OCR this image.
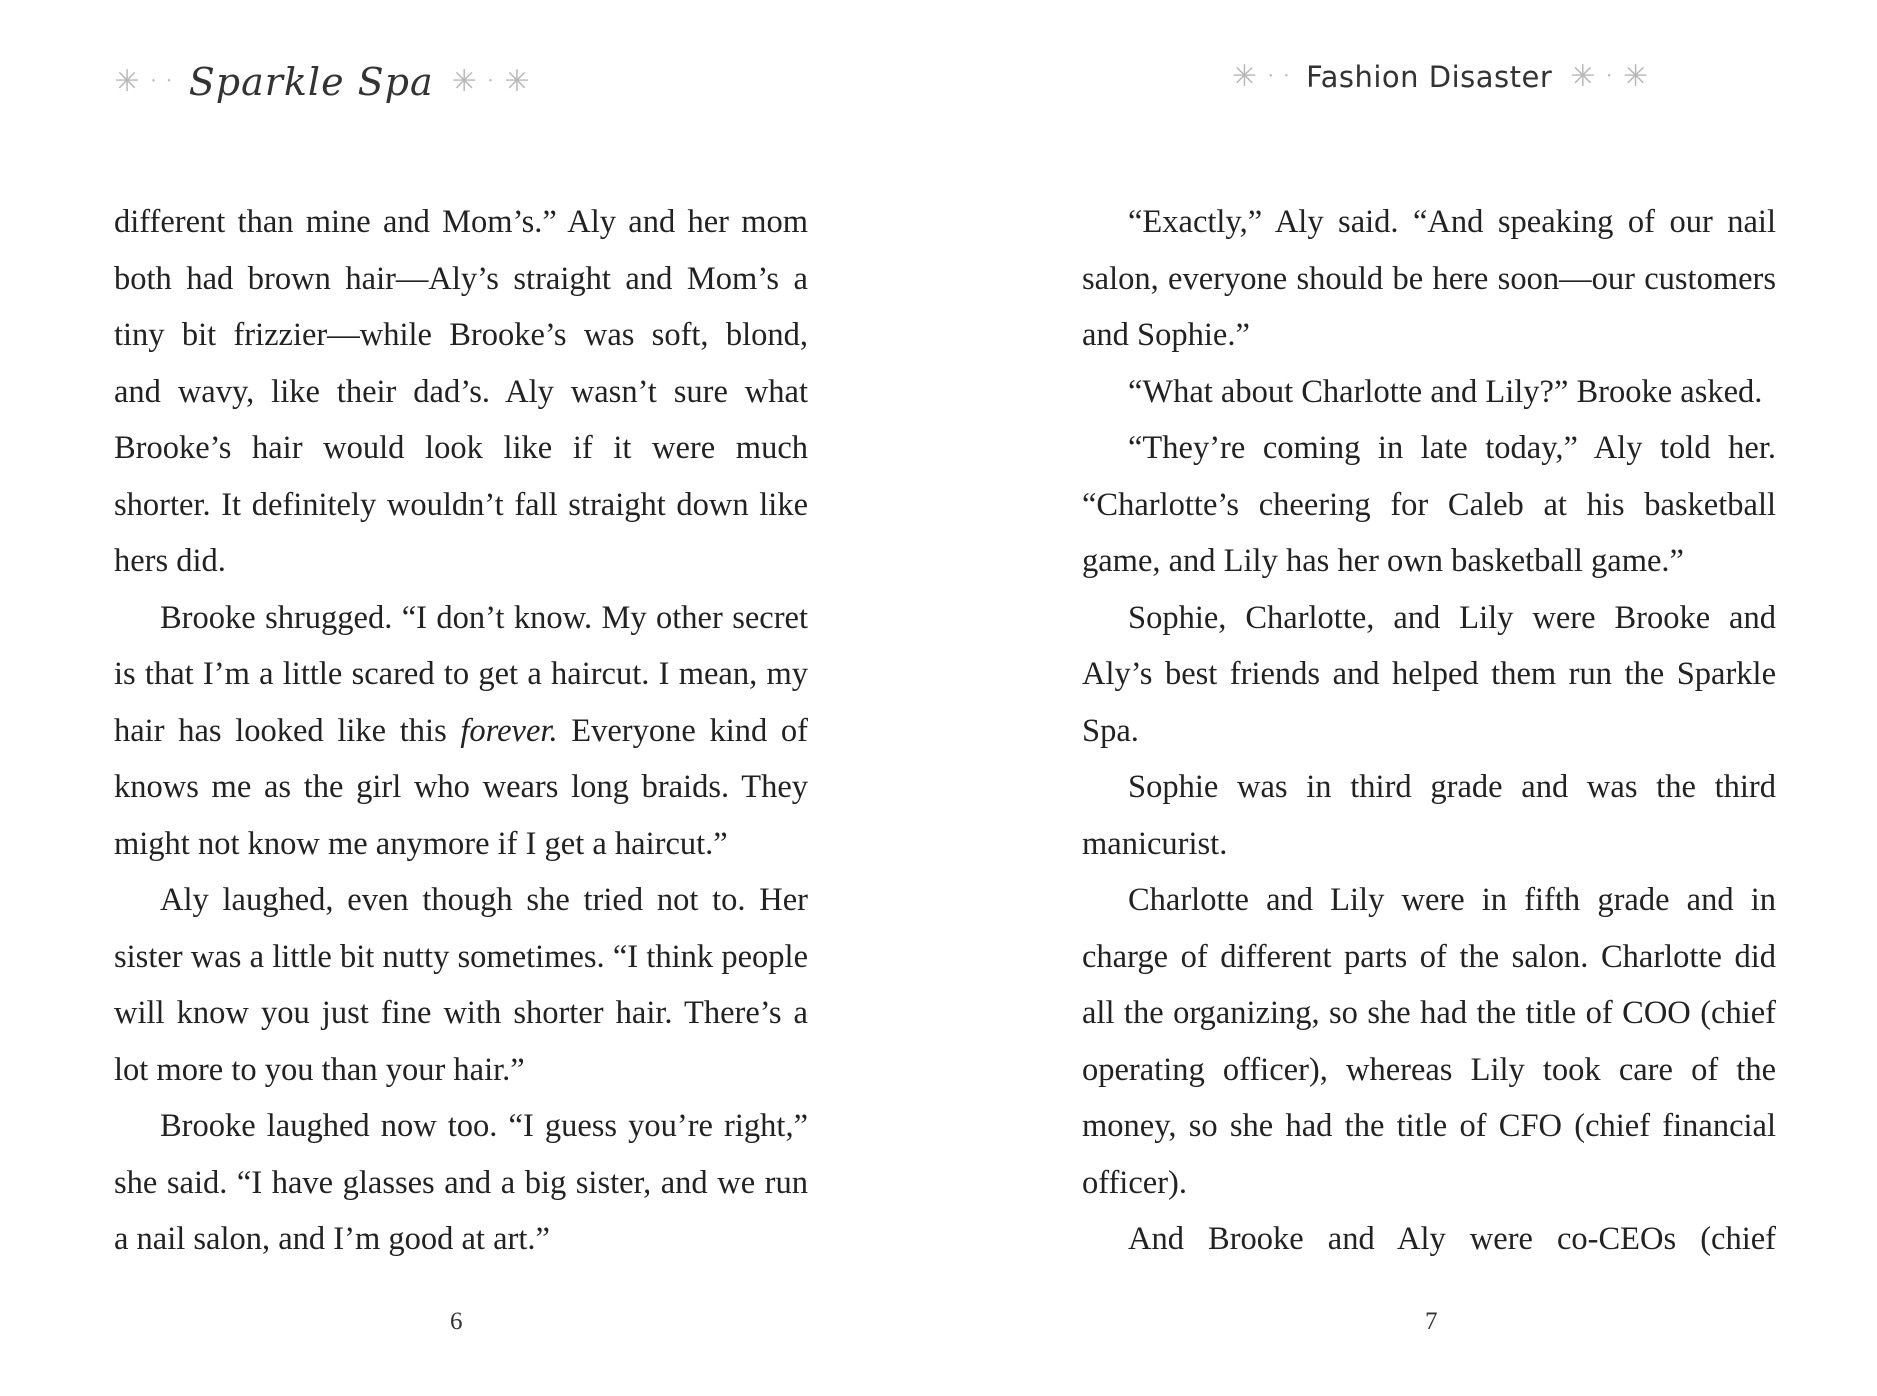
✳ • • Sparkle Spa ✳ • ✳

different than mine and Mom’s.” Aly and her mom both had brown hair—Aly’s straight and Mom’s a tiny bit frizzier—while Brooke’s was soft, blond, and wavy, like their dad’s. Aly wasn’t sure what Brooke’s hair would look like if it were much shorter. It definitely wouldn’t fall straight down like hers did.

Brooke shrugged. “I don’t know. My other secret is that I’m a little scared to get a haircut. I mean, my hair has looked like this forever. Everyone kind of knows me as the girl who wears long braids. They might not know me anymore if I get a haircut.”

Aly laughed, even though she tried not to. Her sister was a little bit nutty sometimes. “I think people will know you just fine with shorter hair. There’s a lot more to you than your hair.”

Brooke laughed now too. “I guess you’re right,” she said. “I have glasses and a big sister, and we run a nail salon, and I’m good at art.”

6
✳ • • Fashion Disaster ✳ • ✳

“Exactly,” Aly said. “And speaking of our nail salon, everyone should be here soon—our customers and Sophie.”

“What about Charlotte and Lily?” Brooke asked.

“They’re coming in late today,” Aly told her. “Charlotte’s cheering for Caleb at his basketball game, and Lily has her own basketball game.”

Sophie, Charlotte, and Lily were Brooke and Aly’s best friends and helped them run the Sparkle Spa.

Sophie was in third grade and was the third manicurist.

Charlotte and Lily were in fifth grade and in charge of different parts of the salon. Charlotte did all the organizing, so she had the title of COO (chief operating officer), whereas Lily took care of the money, so she had the title of CFO (chief financial officer).

And Brooke and Aly were co-CEOs (chief

7
